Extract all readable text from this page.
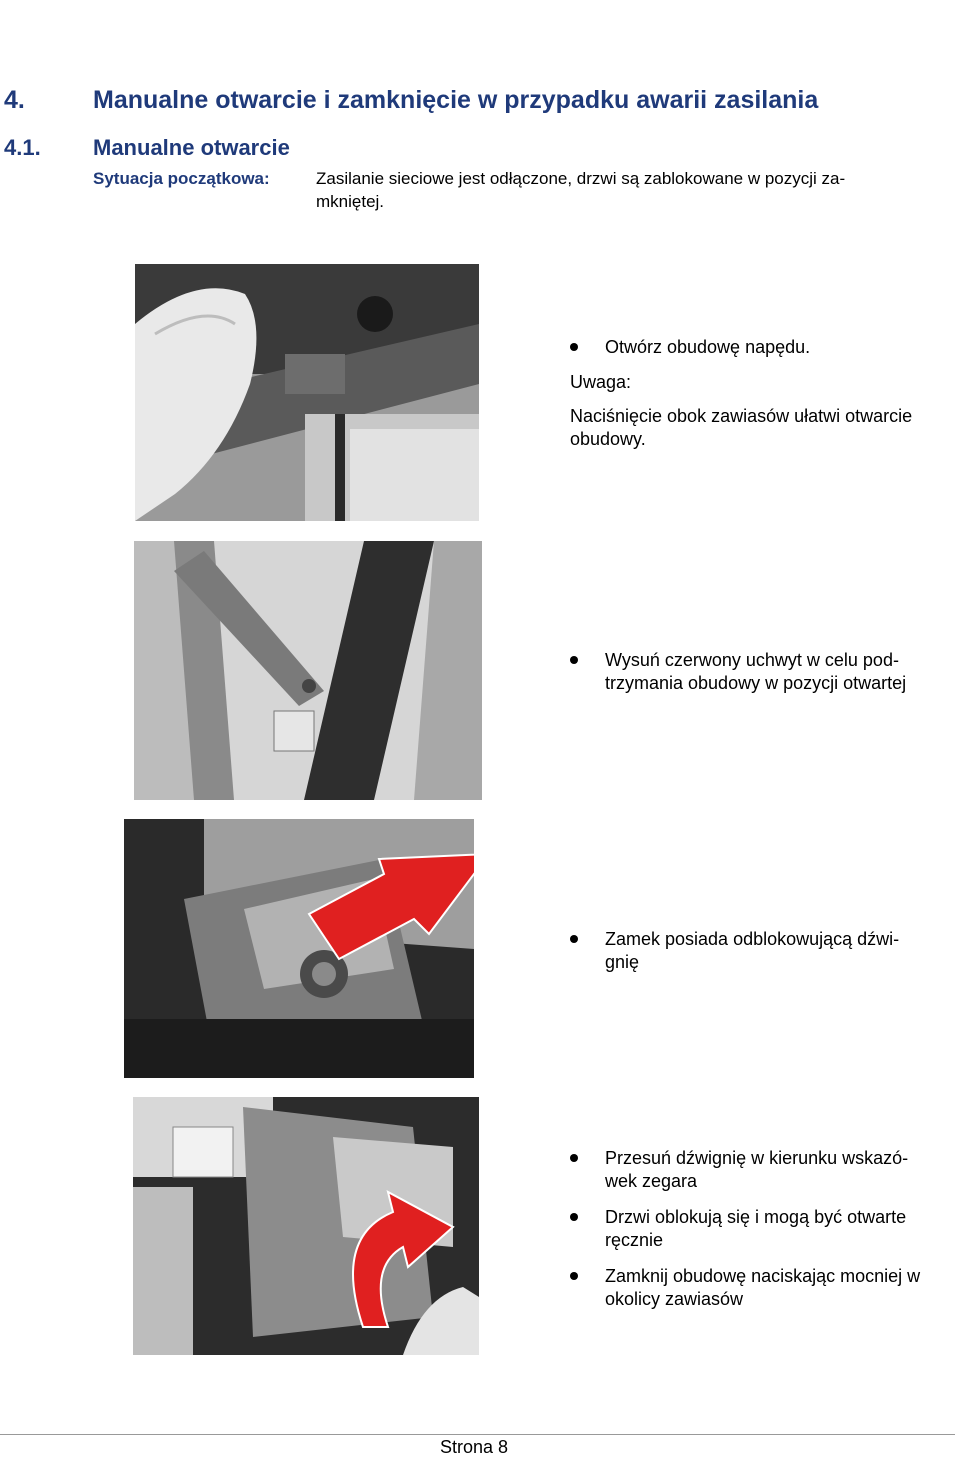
4.	Manualne otwarcie i zamknięcie w przypadku awarii zasilania
4.1. Manualne otwarcie
Sytuacja początkowa:	Zasilanie sieciowe jest odłączone, drzwi są zablokowane w pozycji za-
mkniętej.
Otwórz obudowę napędu.
Uwaga:
Naciśnięcie obok zawiasów ułatwi otwarcie
obudowy.
Wysuń czerwony uchwyt w celu pod-
trzymania obudowy w pozycji otwartej
Zamek posiada odblokowującą dźwi-
gnię
Przesuń dźwignię w kierunku wskazó-
wek zegara
Drzwi oblokują się i mogą być otwarte
ręcznie
Zamknij obudowę naciskając mocniej w
okolicy zawiasów
Strona 8
